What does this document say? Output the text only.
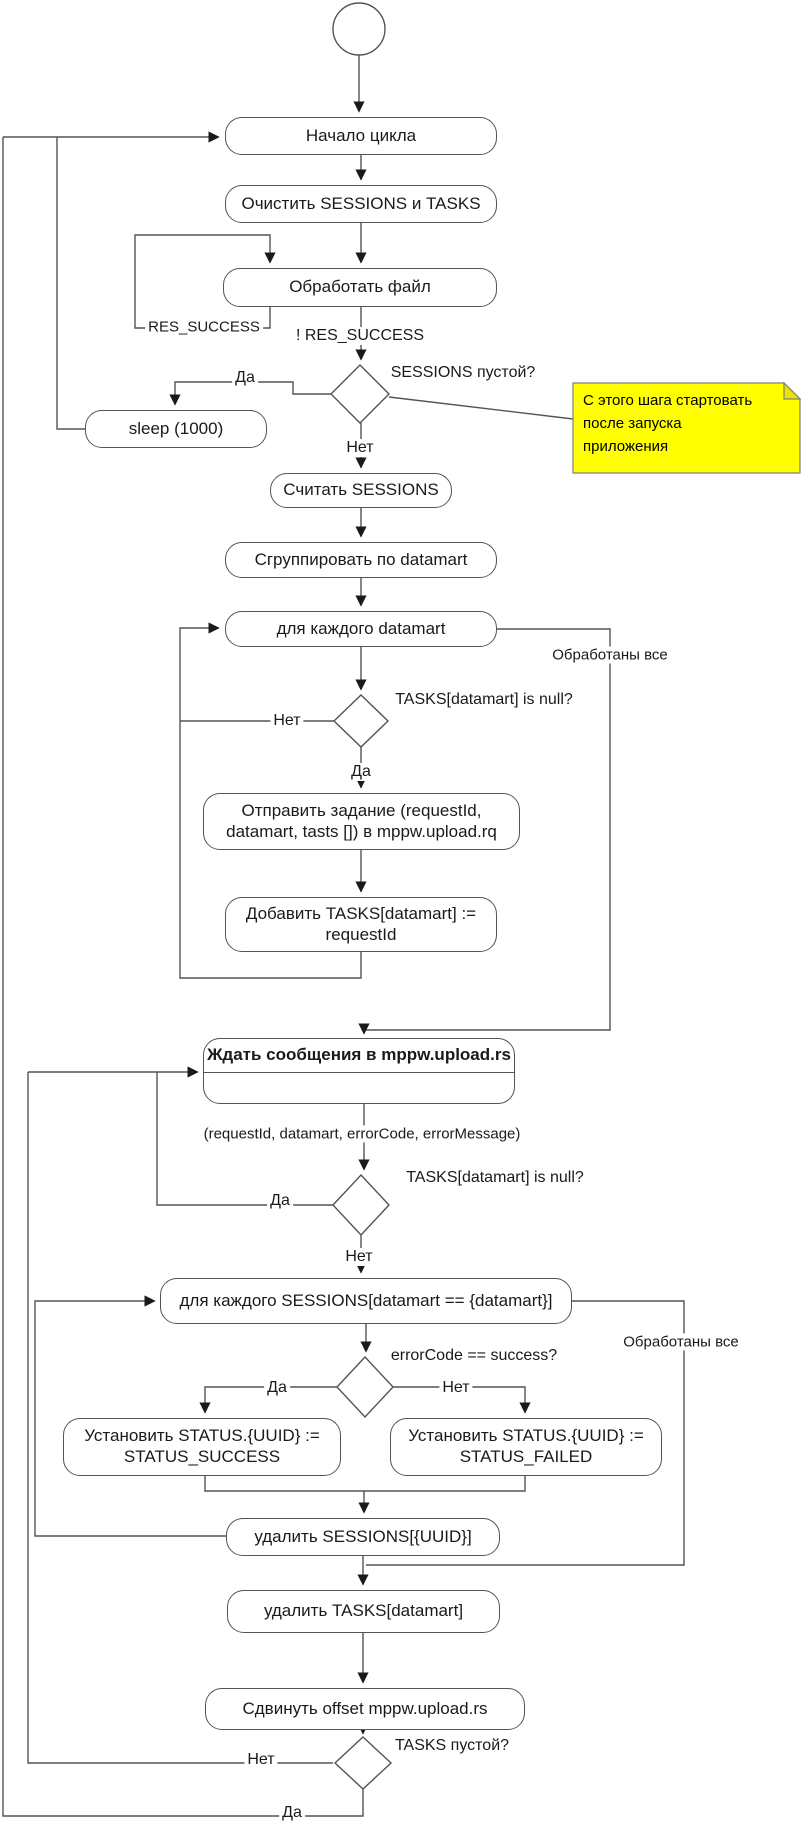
Начало цикла
Очистить SESSIONS и TASKS
Обработать файл
sleep (1000)
Считать SESSIONS
Сгруппировать по datamart
для каждого datamart
Отправить задание (requestId, datamart, tasts []) в mppw.upload.rq
Добавить TASKS[datamart] := requestId
Ждать сообщения в mppw.upload.rs
для каждого SESSIONS[datamart == {datamart}]
Установить STATUS.{UUID} := STATUS_SUCCESS
Установить STATUS.{UUID} := STATUS_FAILED
удалить SESSIONS[{UUID}]
удалить TASKS[datamart]
Сдвинуть offset mppw.upload.rs
RES_SUCCESS ! RES_SUCCESS
SESSIONS пустой?
Да
Нет
Обработаны все
TASKS[datamart] is null?
Нет
Да
(requestId, datamart, errorCode, errorMessage)
TASKS[datamart] is null?
Да
Нет
errorCode == success?
Да	Нет
Обработаны все
TASKS пустой?
Нет
Да
С этого шага стартовать
после запуска
приложения
